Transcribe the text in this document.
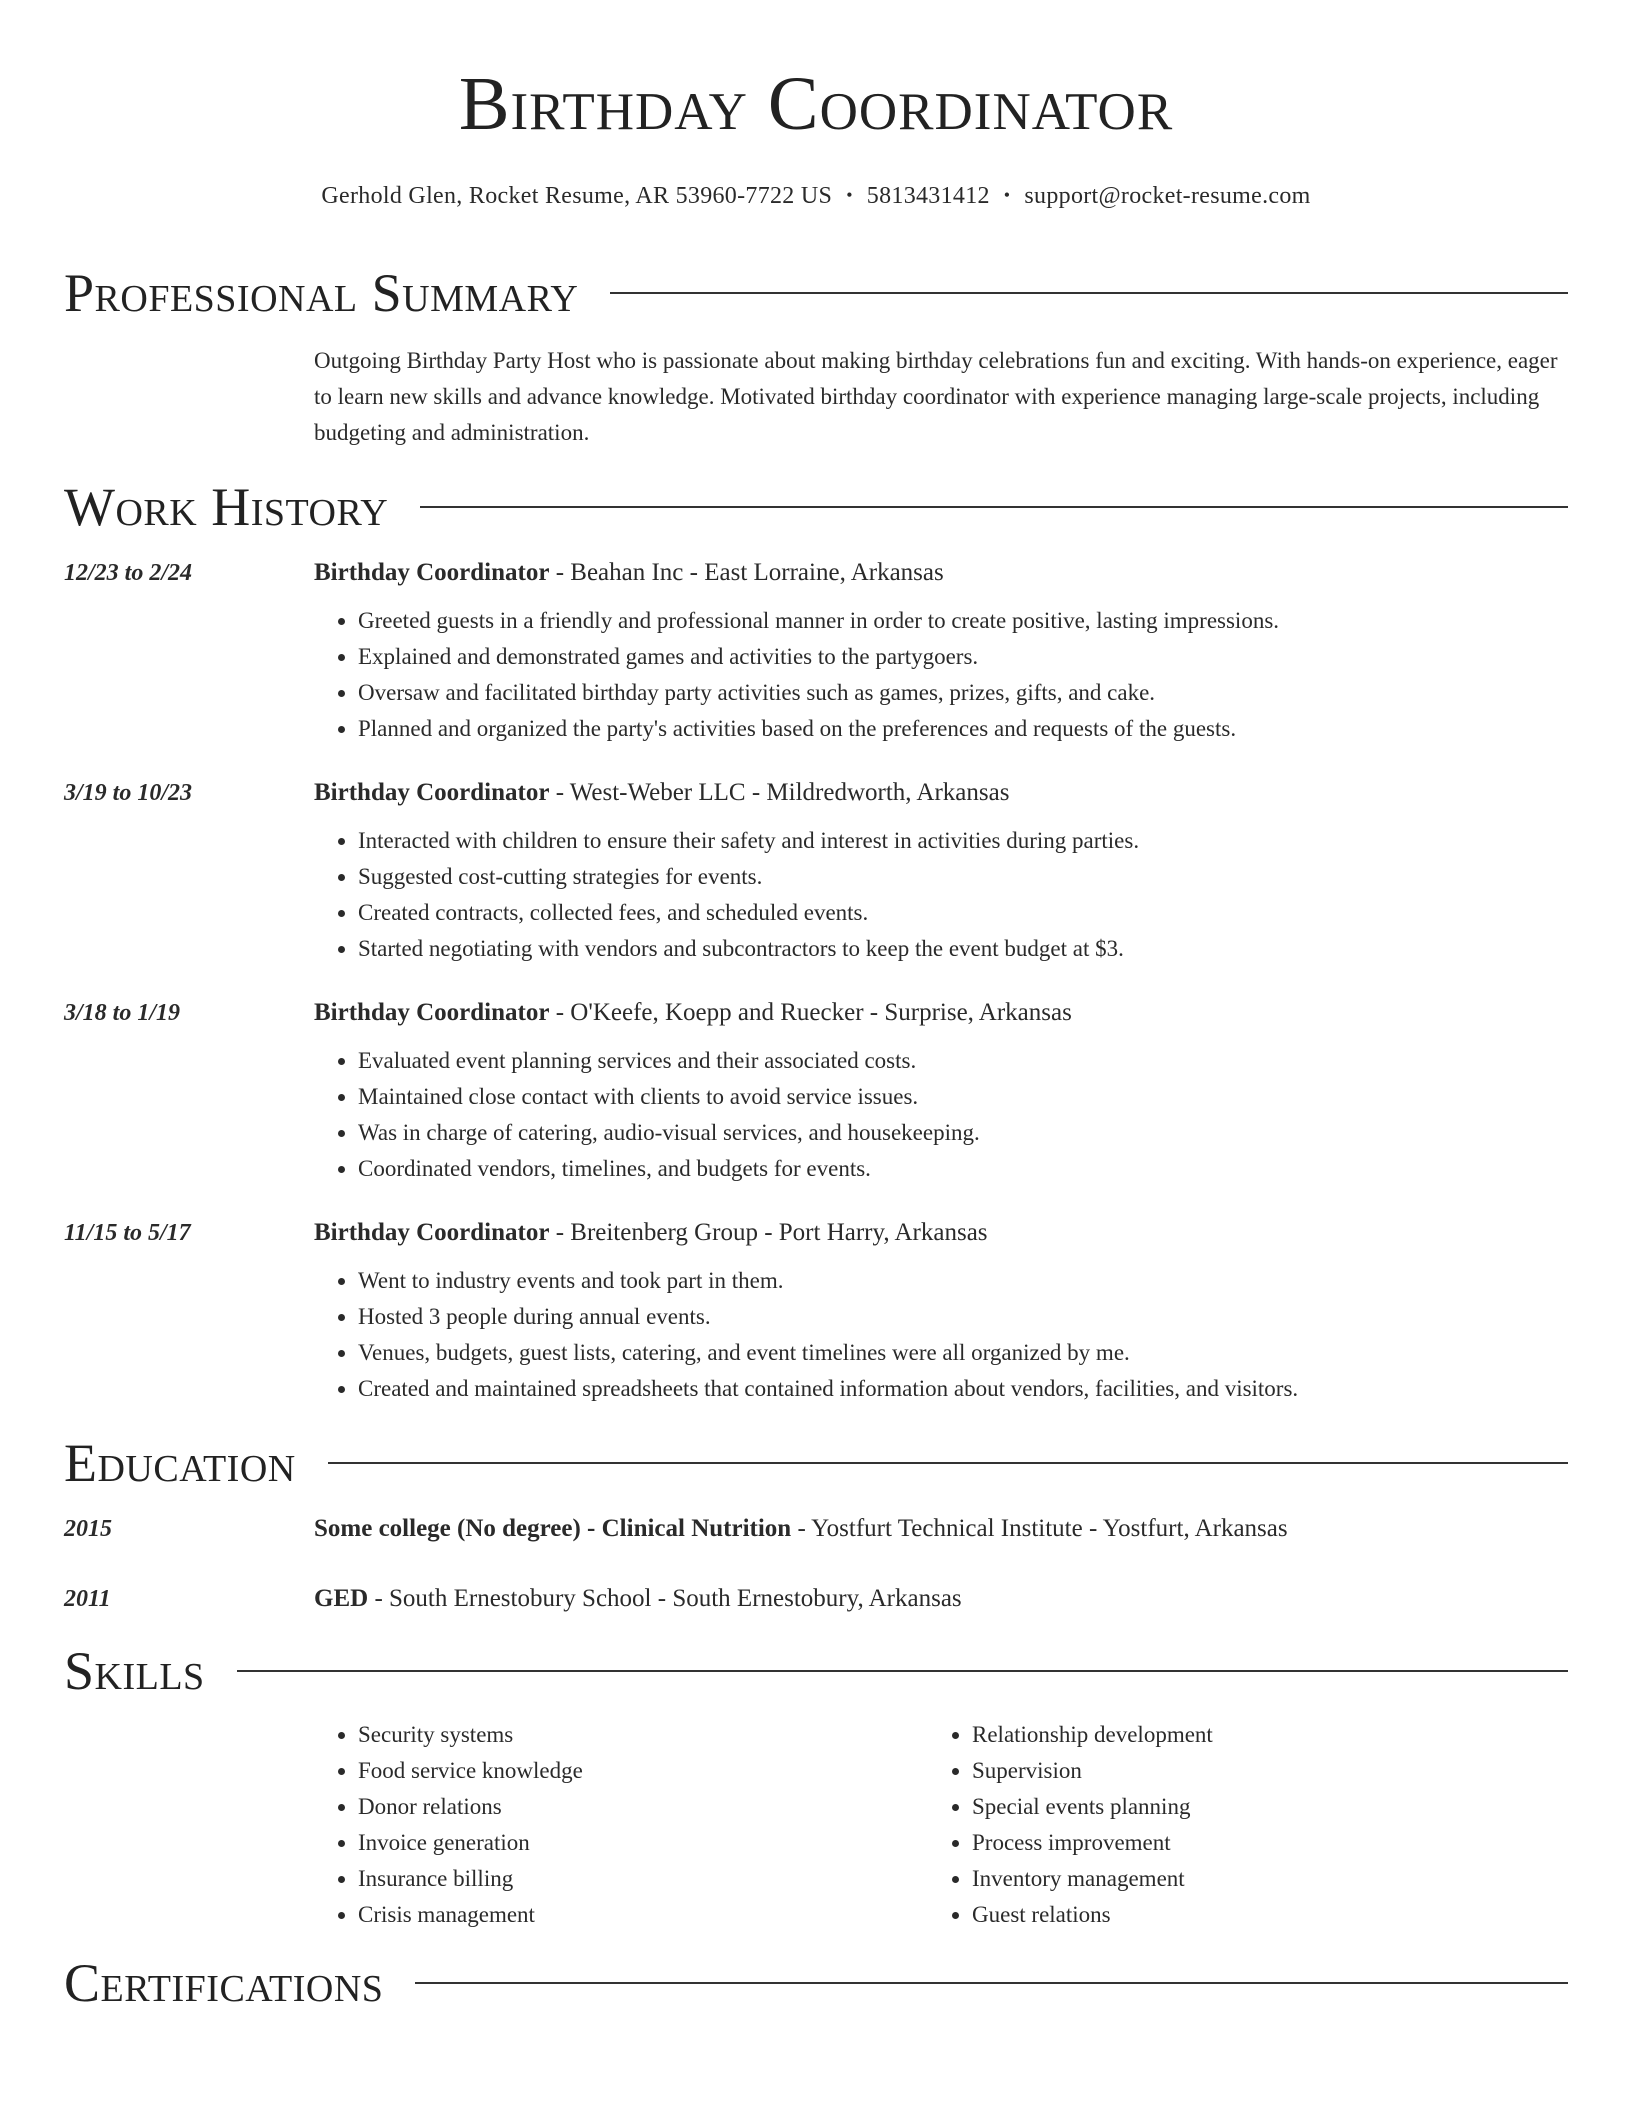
Birthday Coordinator
Gerhold Glen, Rocket Resume, AR 53960-7722 US • 5813431412 • support@rocket-resume.com
Professional Summary
Outgoing Birthday Party Host who is passionate about making birthday celebrations fun and exciting. With hands-on experience, eager to learn new skills and advance knowledge. Motivated birthday coordinator with experience managing large-scale projects, including budgeting and administration.
Work History
12/23 to 2/24	Birthday Coordinator - Beahan Inc - East Lorraine, Arkansas
• Greeted guests in a friendly and professional manner in order to create positive, lasting impressions.
• Explained and demonstrated games and activities to the partygoers.
• Oversaw and facilitated birthday party activities such as games, prizes, gifts, and cake.
• Planned and organized the party's activities based on the preferences and requests of the guests.
3/19 to 10/23	Birthday Coordinator - West-Weber LLC - Mildredworth, Arkansas
• Interacted with children to ensure their safety and interest in activities during parties.
• Suggested cost-cutting strategies for events.
• Created contracts, collected fees, and scheduled events.
• Started negotiating with vendors and subcontractors to keep the event budget at $3.
3/18 to 1/19	Birthday Coordinator - O'Keefe, Koepp and Ruecker - Surprise, Arkansas
• Evaluated event planning services and their associated costs.
• Maintained close contact with clients to avoid service issues.
• Was in charge of catering, audio-visual services, and housekeeping.
• Coordinated vendors, timelines, and budgets for events.
11/15 to 5/17	Birthday Coordinator - Breitenberg Group - Port Harry, Arkansas
• Went to industry events and took part in them.
• Hosted 3 people during annual events.
• Venues, budgets, guest lists, catering, and event timelines were all organized by me.
• Created and maintained spreadsheets that contained information about vendors, facilities, and visitors.
Education
2015	Some college (No degree) - Clinical Nutrition - Yostfurt Technical Institute - Yostfurt, Arkansas
2011	GED - South Ernestobury School - South Ernestobury, Arkansas
Skills
• Security systems
• Food service knowledge
• Donor relations
• Invoice generation
• Insurance billing
• Crisis management
• Relationship development
• Supervision
• Special events planning
• Process improvement
• Inventory management
• Guest relations
Certifications
